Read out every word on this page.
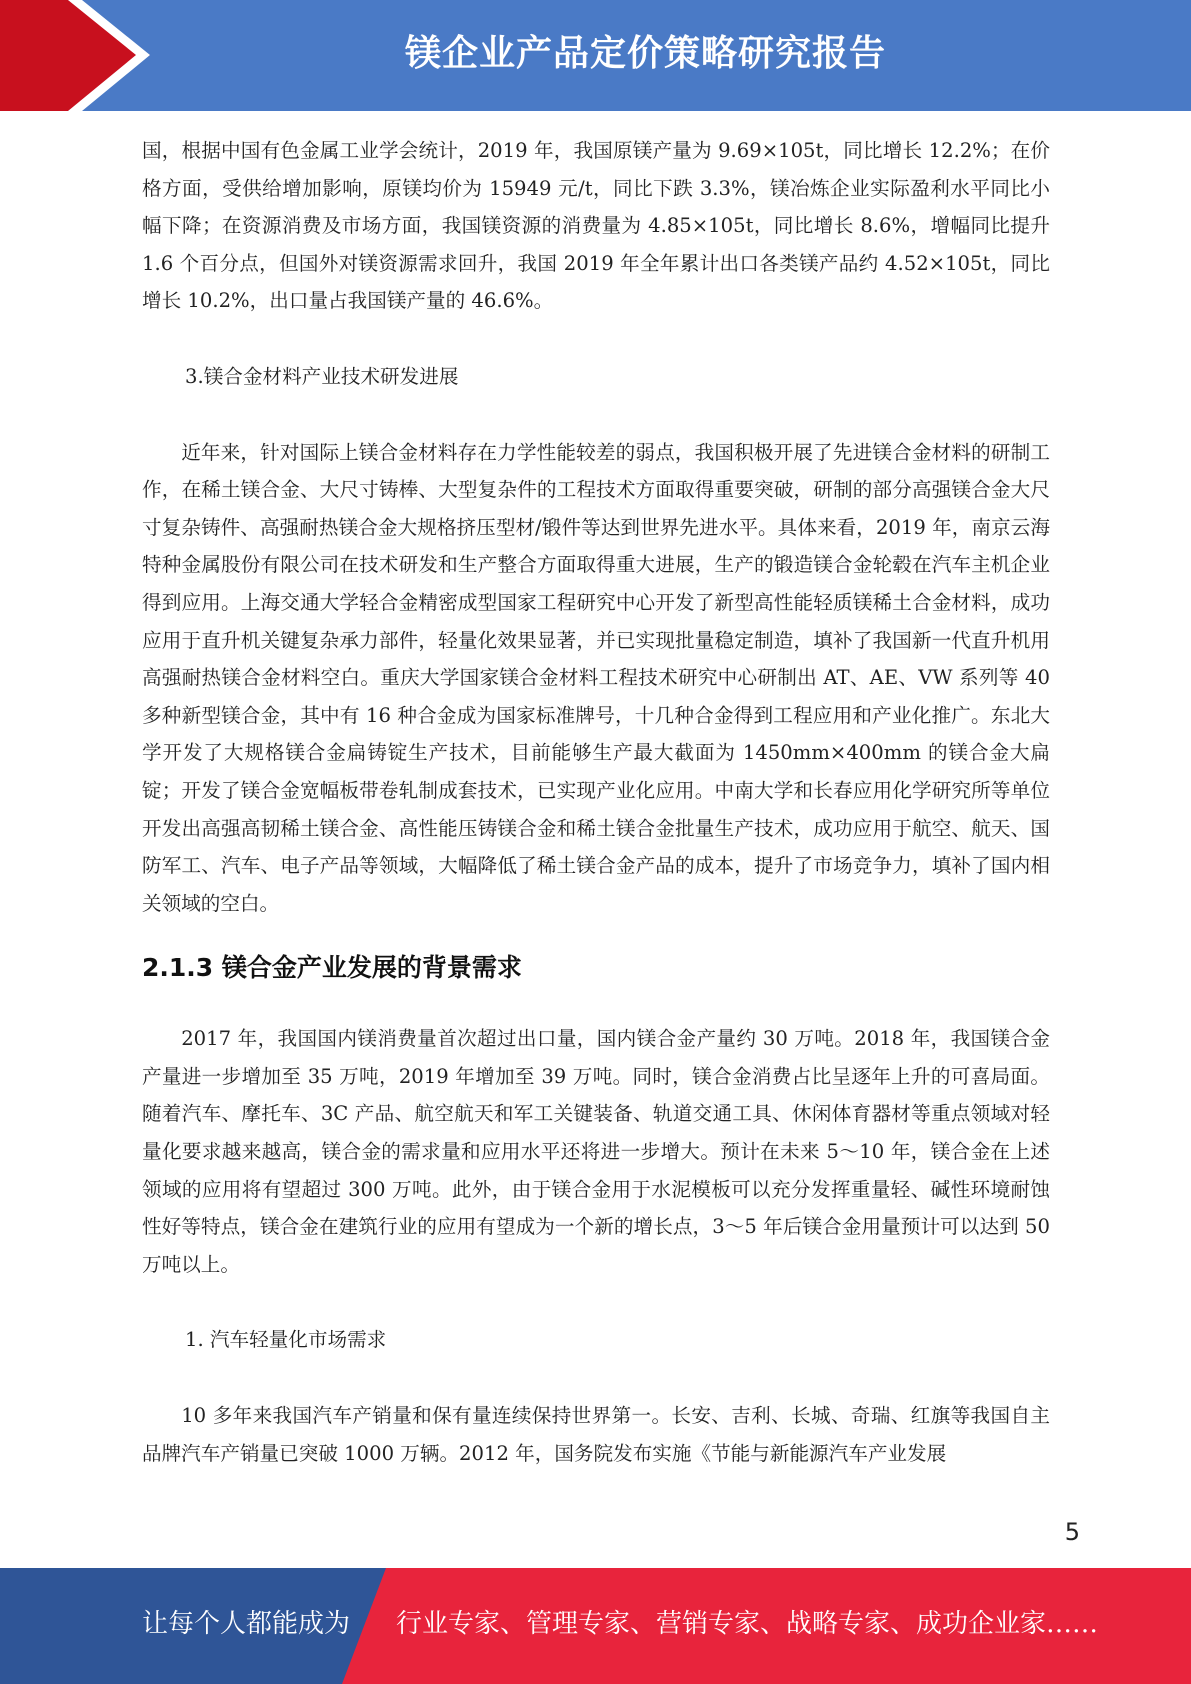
镁企业产品定价策略研究报告

国，根据中国有色金属工业学会统计，2019 年，我国原镁产量为 9.69×105t，同比增长 12.2%；在价格方面，受供给增加影响，原镁均价为 15949 元/t，同比下跌 3.3%，镁冶炼企业实际盈利水平同比小幅下降；在资源消费及市场方面，我国镁资源的消费量为 4.85×105t，同比增长 8.6%，增幅同比提升 1.6 个百分点，但国外对镁资源需求回升，我国 2019 年全年累计出口各类镁产品约 4.52×105t，同比增长 10.2%，出口量占我国镁产量的 46.6%。

3.镁合金材料产业技术研发进展

近年来，针对国际上镁合金材料存在力学性能较差的弱点，我国积极开展了先进镁合金材料的研制工作，在稀土镁合金、大尺寸铸棒、大型复杂件的工程技术方面取得重要突破，研制的部分高强镁合金大尺寸复杂铸件、高强耐热镁合金大规格挤压型材/锻件等达到世界先进水平。具体来看，2019 年，南京云海特种金属股份有限公司在技术研发和生产整合方面取得重大进展，生产的锻造镁合金轮毂在汽车主机企业得到应用。上海交通大学轻合金精密成型国家工程研究中心开发了新型高性能轻质镁稀土合金材料，成功应用于直升机关键复杂承力部件，轻量化效果显著，并已实现批量稳定制造，填补了我国新一代直升机用高强耐热镁合金材料空白。重庆大学国家镁合金材料工程技术研究中心研制出 AT、AE、VW 系列等 40 多种新型镁合金，其中有 16 种合金成为国家标准牌号，十几种合金得到工程应用和产业化推广。东北大学开发了大规格镁合金扁铸锭生产技术，目前能够生产最大截面为 1450mm×400mm 的镁合金大扁锭；开发了镁合金宽幅板带卷轧制成套技术，已实现产业化应用。中南大学和长春应用化学研究所等单位开发出高强高韧稀土镁合金、高性能压铸镁合金和稀土镁合金批量生产技术，成功应用于航空、航天、国防军工、汽车、电子产品等领域，大幅降低了稀土镁合金产品的成本，提升了市场竞争力，填补了国内相关领域的空白。

2.1.3 镁合金产业发展的背景需求

2017 年，我国国内镁消费量首次超过出口量，国内镁合金产量约 30 万吨。2018 年，我国镁合金产量进一步增加至 35 万吨，2019 年增加至 39 万吨。同时，镁合金消费占比呈逐年上升的可喜局面。随着汽车、摩托车、3C 产品、航空航天和军工关键装备、轨道交通工具、休闲体育器材等重点领域对轻量化要求越来越高，镁合金的需求量和应用水平还将进一步增大。预计在未来 5～10 年，镁合金在上述领域的应用将有望超过 300 万吨。此外，由于镁合金用于水泥模板可以充分发挥重量轻、碱性环境耐蚀性好等特点，镁合金在建筑行业的应用有望成为一个新的增长点，3～5 年后镁合金用量预计可以达到 50 万吨以上。

1. 汽车轻量化市场需求

10 多年来我国汽车产销量和保有量连续保持世界第一。长安、吉利、长城、奇瑞、红旗等我国自主品牌汽车产销量已突破 1000 万辆。2012 年，国务院发布实施《节能与新能源汽车产业发展

5
让每个人都能成为 行业专家、管理专家、营销专家、战略专家、成功企业家……
